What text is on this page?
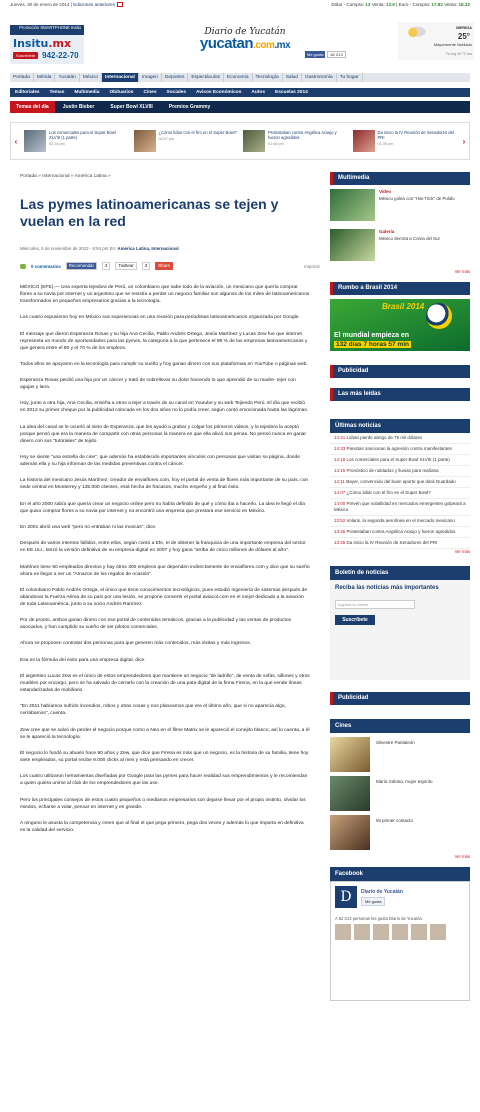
Jueves, 30 de enero de 2014 | Ediciones anteriores	Dólar - Compra: 13 Venta: 13.6 | Euro - Compra: 17.82 Venta: 18.32
Promoción SMARTPHONE Insitu
Insitu.mx
Suscríbete 942-22-70
Diario de Yucatán
yucatan.com.mx
Me gusta	82 013
MERIDA
25°
Mayormente Nublado
Tu hoy 10 °C hrs
Portada	Mérida	Yucatán	México	Internacional	Imagen	Deportes	Espectáculos	Economía	Tecnología	Salud	Gastronomía	Tu hogar
Editoriales	Temas	Multimedia	Obituarios	Cines	Sociales	Avisos Económicos	Autos	Escuelas 2014
Temas del día	Justin Bieber	Super Bowl XLVIII	Premios Grammy
‹
Los comerciales para el Super Bowl XLVIII (1 parte)
02:18 pm
¿Cómo lidiar con el frío en el Super Bowl?
02:07 pm
Protestaban contra Angélica Araujo y fueron agredidos
01:46 pm
Da inicio la IV Reunión de Senadores del PRI
01:35 pm	›
Portada » Internacional » América Latina »
Las pymes latinoamericanas se tejen y vuelan en la red
Miércoles, 6 de noviembre de 2013 - 6:54 pm En: América Latina, Internacional
0 comentarios	Recomendar	3	Twittear	3	Share	Imprimir

MÉXICO (EFE).— Una experta tejedora de Perú, un colombiano que sabe todo de la aviación, un mexicano que quería comprar flores a su novia por internet y un argentino que se resistía a perder un negocio familiar son algunos de los miles de latinoamericanos transformados en pequeños empresarios gracias a la tecnología.

Los cuatro expusieron hoy en México sus experiencias en una reunión para periodistas latinoamericanos organizada por Google.

El mensaje que dieron Esperanza Rosas y su hija Ana Cecilia, Pablo Andrés Ortega, Jesús Martínez y Lucas Zew fue que internet representa un mundo de oportunidades para las pymes, la categoría a la que pertenece el 99 % de las empresas latinoamericanas y que genera entre el 60 y el 70 % de los empleos.

Todos ellos se apoyaron en la tecnología para cumplir su sueño y hoy ganan dinero con sus plataformas en YouTube o páginas web.

Esperanza Rosas perdió una hija por un cáncer y trató de sobrellevar su dolor haciendo lo que aprendió de su madre- tejer con agujas y lana.

Hoy, junto a otra hija, Ana Cecilia, enseña a otros a tejer a través de su canal en Youtube y su web Tejiendo Perú. El día que recibió en 2012 su primer cheque por la publicidad colocada en los dos sitios no lo podía creer, según contó emocionada hasta las lágrimas.

La idea del canal se le ocurrió al nieto de Esperanza, que les ayudó a grabar y colgar los primeros videos, y la tejedora la aceptó porque pensó que era la manera de compartir con otras personas la manera en que ella alivió sus penas. No pensó nunca en ganar dinero con sus "tutoriales" de tejido.

Hoy se siente "una estrella de cine", que además ha establecido importantes vínculos con personas que visitan su página, donde además ella y su hija informan de las medidas preventivas contra el cáncer.

La historia del mexicano Jesús Martínez, creador de enviaflores.com, hoy el portal de venta de flores más importante de su país, con sede central en Monterrey y 135.000 clientes, está hecha de fracasos, mucho empeño y al final éxito.

En el año 2000 sabía que quería crear un negocio online pero no había definido de qué y cómo iba a hacerlo. La idea le llegó el día que quiso comprar flores a su novia por internet y no encontró una empresa que prestara ese servicio en México.

En 2001 abrió una web "pero no entraban ni las moscas", dice.

Después de varios intentos fallidos, entre ellos, según contó a Efe, el de obtener la franquicia de una importante empresa del sector en EE.UU., lanzó la versión definitiva de su empresa digital en 2007 y hoy gana "arriba de cinco millones de dólares al año".

Martínez tiene 50 empleados directos y hay otros 300 empleos que dependen indirectamente de enviaflores.com y dice que su sueño ahora es llegar a ser un "Amazon de los regalos de ocasión".

El colombiano Pablo Andrés Ortega, el único que tiene conocimientos tecnológicos, pues estudió ingeniería de sistemas después de abandonar la Fuerza Aérea de su país por una lesión, se propone convertir el portal aviacol.com en el mejor dedicado a la aviación de toda Latinoamérica, junto a su socio Andrés Ramírez.

Por de pronto, ambos ganan dinero con ese portal de contenidos temáticos, gracias a la publicidad y las ventas de productos asociados, y han cumplido su sueño de ser pilotos comerciales.

Ahora se proponen contratar dos personas para que generen más contenidos, más visitas y más ingresos.

Esa es la fórmula del éxito para una empresa digital, dice.

El argentino Lucas Zew es el único de estos emprendedores que mantiene un negocio "de ladrillo", de venta de sofás, sillones y otros muebles por encargo, pero se ha salvado de cerrarlo con la creación de una pata digital de la firma Firena, en la que vende líneas estandarizadas de mobiliario.

"En 2011 habíamos sufrido incendios, robos y otras cosas y nos planeamos que era el último año, que si no aparecía algo, cerrábamos", cuenta.

Zew cree que se salvó de perder el negocio porque como a Neo en el filme Matrix se le apareció el conejito blanco, así lo cuenta, a él se le apareció la tecnología.

El negocio lo fundó su abuelo hace 90 años y Zew, que dice que Firena es más que un negocio, es la historia de su familia, tiene hoy siete empleados, su portal recibe 9.000 clicks al mes y está pensando en crecer.

Los cuatro utilizaron herramientas diseñadas por Google para las pymes para hacer realidad sus emprendimientos y le recomiendan a quien quiera unirse al club de los emprendedores que las use.

Pero los principales consejos de estos cuatro pequeños o medianos empresarios son dejarse llevar por el propio instinto, olvidar los miedos, echarse a volar, pensar en internet y en grande.

A ninguno le asusta la competencia y creen que al final el que pega primero, pega dos veces y además lo que importa en definitiva es la calidad del servicio.

Multimedia
Video
México golea con "Hat-Trick" de Pulido
Galería
México derrota a Corea del Sur
Ver más
Rumbo a Brasil 2014
Brasil 2014
El mundial empieza en
132 días 7 horas 57 min
Publicidad
Las más leídas
Últimas noticias
14:41 Lohan pierde abrigo de 75 mil dólares
14:33 Panistas sancionan la agresión contra manifestantes
14:18 Los comerciales para el Super Bowl XLVIII (1 parte)
14:15 Pronóstico de nublados y lluvias para mañana
14:11 Bayer, convencido del buen aporte que dará Guardado
14:07 ¿Cómo lidiar con el frío en el Super Bowl?
14:00 Prevén que volatilidad en mercados emergentes golpeará a México
13:52 Volaris, la segunda aerolínea en el mercado mexicano
13:46 Protestaban contra Angélica Araujo y fueron agredidos
13:35 Da inicio la IV Reunión de Senadores del PRI
Ver más
Boletín de noticias
Reciba las noticias más importantes
Ingresa tu correo
Suscríbete
Publicidad
Cines
Silvestre Pantaleón
María Sabina, mujer espíritu
Mi primer contacto
Ver más
Facebook
D	Diario de Yucatán
Me gusta
A 82 013 personas les gusta Diario de Yucatán.
